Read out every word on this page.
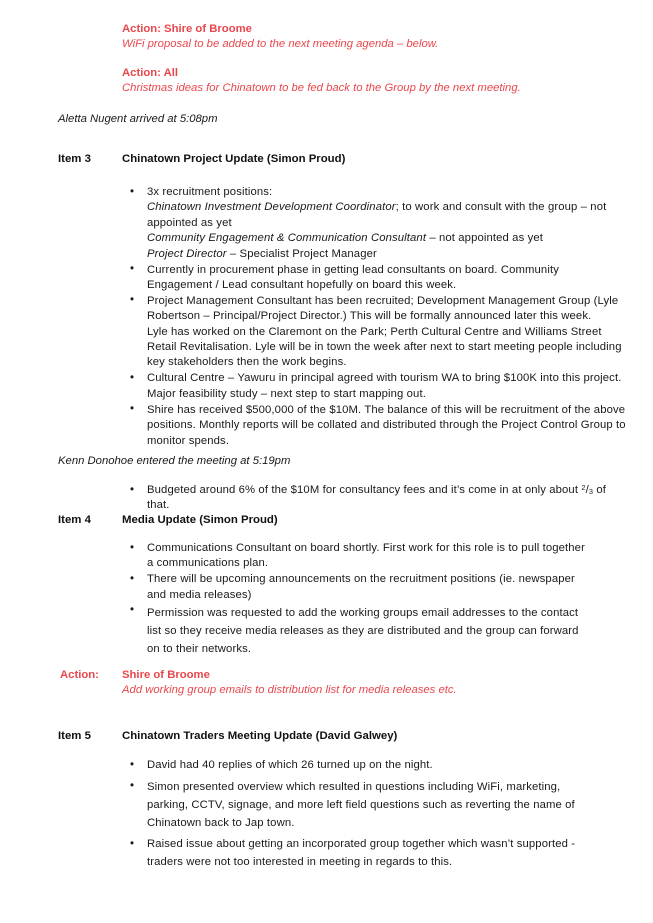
Action: Shire of Broome
WiFi proposal to be added to the next meeting agenda – below.
Action: All
Christmas ideas for Chinatown to be fed back to the Group by the next meeting.
Aletta Nugent arrived at 5:08pm
Item 3	Chinatown Project Update (Simon Proud)
• 3x recruitment positions:
Chinatown Investment Development Coordinator; to work and consult with the group – not appointed as yet
Community Engagement & Communication Consultant – not appointed as yet
Project Director – Specialist Project Manager
• Currently in procurement phase in getting lead consultants on board. Community Engagement / Lead consultant hopefully on board this week.
• Project Management Consultant has been recruited; Development Management Group (Lyle Robertson – Principal/Project Director.) This will be formally announced later this week.
Lyle has worked on the Claremont on the Park; Perth Cultural Centre and Williams Street Retail Revitalisation. Lyle will be in town the week after next to start meeting people including key stakeholders then the work begins.
• Cultural Centre – Yawuru in principal agreed with tourism WA to bring $100K into this project. Major feasibility study – next step to start mapping out.
• Shire has received $500,000 of the $10M. The balance of this will be recruitment of the above positions. Monthly reports will be collated and distributed through the Project Control Group to monitor spends.
Kenn Donohoe entered the meeting at 5:19pm
• Budgeted around 6% of the $10M for consultancy fees and it’s come in at only about $^2/_3$ of that.
Item 4	Media Update (Simon Proud)
• Communications Consultant on board shortly. First work for this role is to pull together a communications plan.
• There will be upcoming announcements on the recruitment positions (ie. newspaper and media releases)
• Permission was requested to add the working groups email addresses to the contact list so they receive media releases as they are distributed and the group can forward on to their networks.
Action:	Shire of Broome
Add working group emails to distribution list for media releases etc.
Item 5	Chinatown Traders Meeting Update (David Galwey)
• David had 40 replies of which 26 turned up on the night.
• Simon presented overview which resulted in questions including WiFi, marketing, parking, CCTV, signage, and more left field questions such as reverting the name of Chinatown back to Jap town.
• Raised issue about getting an incorporated group together which wasn’t supported - traders were not too interested in meeting in regards to this.
